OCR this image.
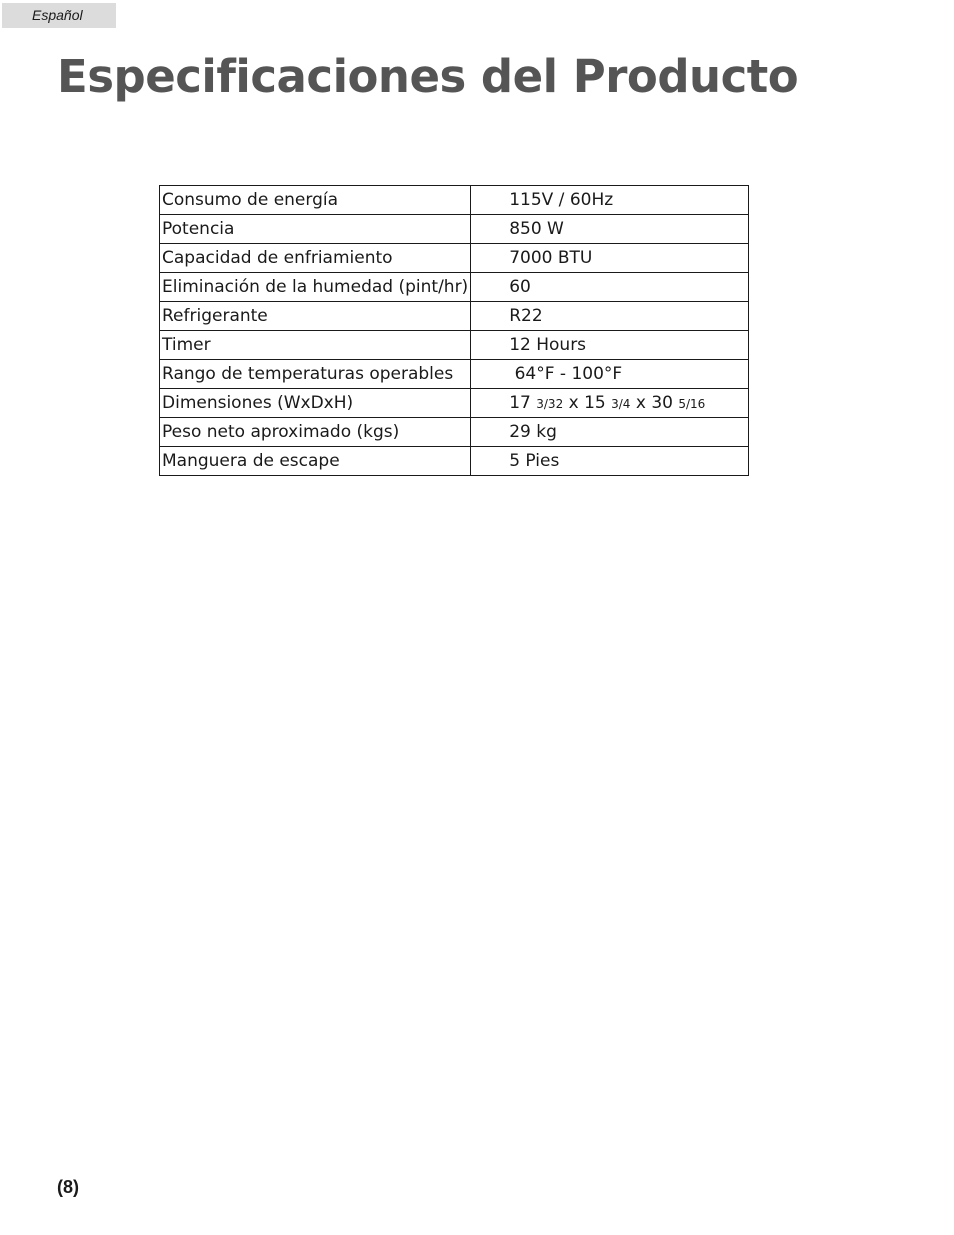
Español
Especificaciones del Producto
Consumo de energía	115V / 60Hz
Potencia	850 W
Capacidad de enfriamiento	7000 BTU
Eliminación de la humedad (pint/hr)	60
Refrigerante	R22
Timer	12 Hours
Rango de temperaturas operables	64°F - 100°F
Dimensiones (WxDxH)	17 3/32 x 15 3/4 x 30 5/16
Peso neto aproximado (kgs)	29 kg
Manguera de escape	5 Pies
(8)
